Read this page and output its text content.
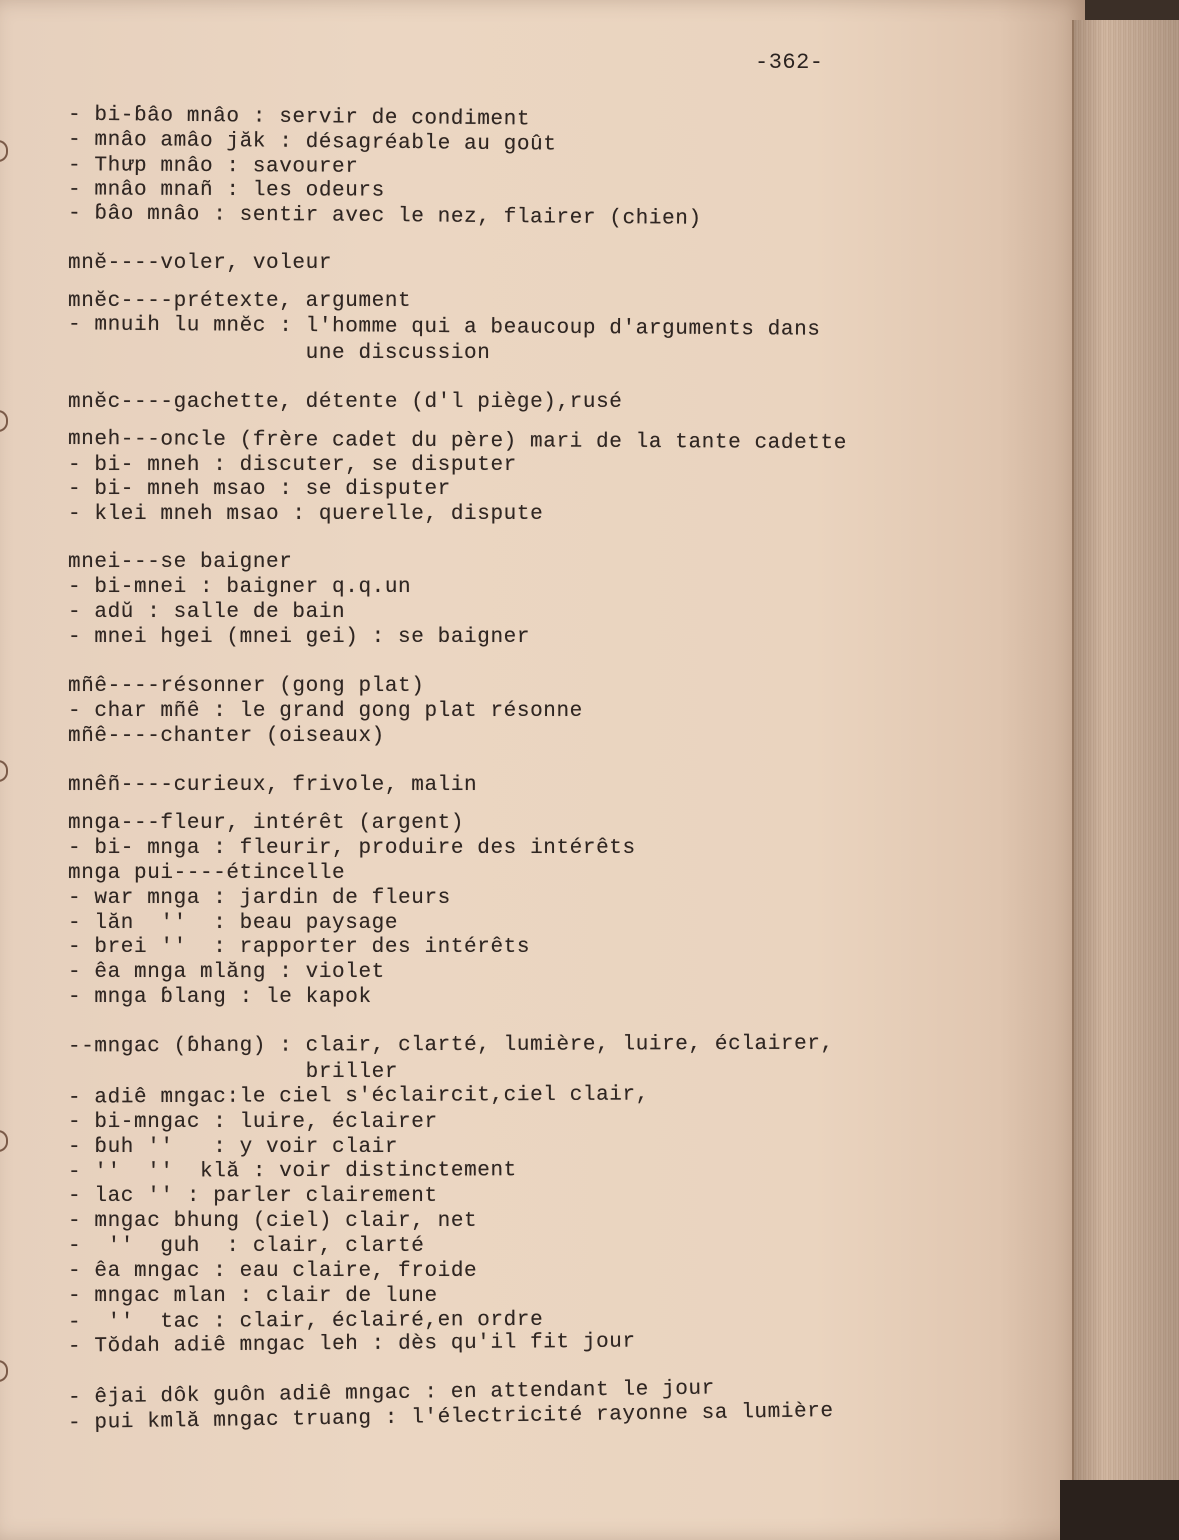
-362-
- bi-ɓâo mnâo : servir de condiment
- mnâo amâo jăk : désagréable au goût
- Thưp mnâo : savourer
- mnâo mnañ : les odeurs
- ɓâo mnâo : sentir avec le nez, flairer (chien)
mnĕ----voler, voleur
mnĕc----prétexte, argument
- mnuih lu mnĕc : l'homme qui a beaucoup d'arguments dans
une discussion
mnĕc----gachette, détente (d'l piège),rusé
mneh---oncle (frère cadet du père) mari de la tante cadette
- bi- mneh : discuter, se disputer
- bi- mneh msao : se disputer
- klei mneh msao : querelle, dispute
mnei---se baigner
- bi-mnei : baigner q.q.un
- adŭ : salle de bain
- mnei hgei (mnei gei) : se baigner
mñê----résonner (gong plat)
- char mñê : le grand gong plat résonne
mñê----chanter (oiseaux)
mnêñ----curieux, frivole, malin
mnga---fleur, intérêt (argent)
- bi- mnga : fleurir, produire des intérêts
mnga pui----étincelle
- war mnga : jardin de fleurs
- lăn  ''  : beau paysage
- brei ''  : rapporter des intérêts
- êa mnga mlăng : violet
- mnga ɓlang : le kapok
--mngac (ɓhang) : clair, clarté, lumière, luire, éclairer,
briller
- adiê mngac:le ciel s'éclaircit,ciel clair,
- bi-mngac : luire, éclairer
- ɓuh ''   : y voir clair
- ''  ''  klă : voir distinctement
- lac '' : parler clairement
- mngac bhung (ciel) clair, net
-  ''  guh  : clair, clarté
- êa mngac : eau claire, froide
- mngac mlan : clair de lune
-  ''  tac : clair, éclairé,en ordre
- Tŏdah adiê mngac leh : dès qu'il fit jour
- êjai dôk guôn adiê mngac : en attendant le jour
- pui kmlă mngac truang : l'électricité rayonne sa lumière
